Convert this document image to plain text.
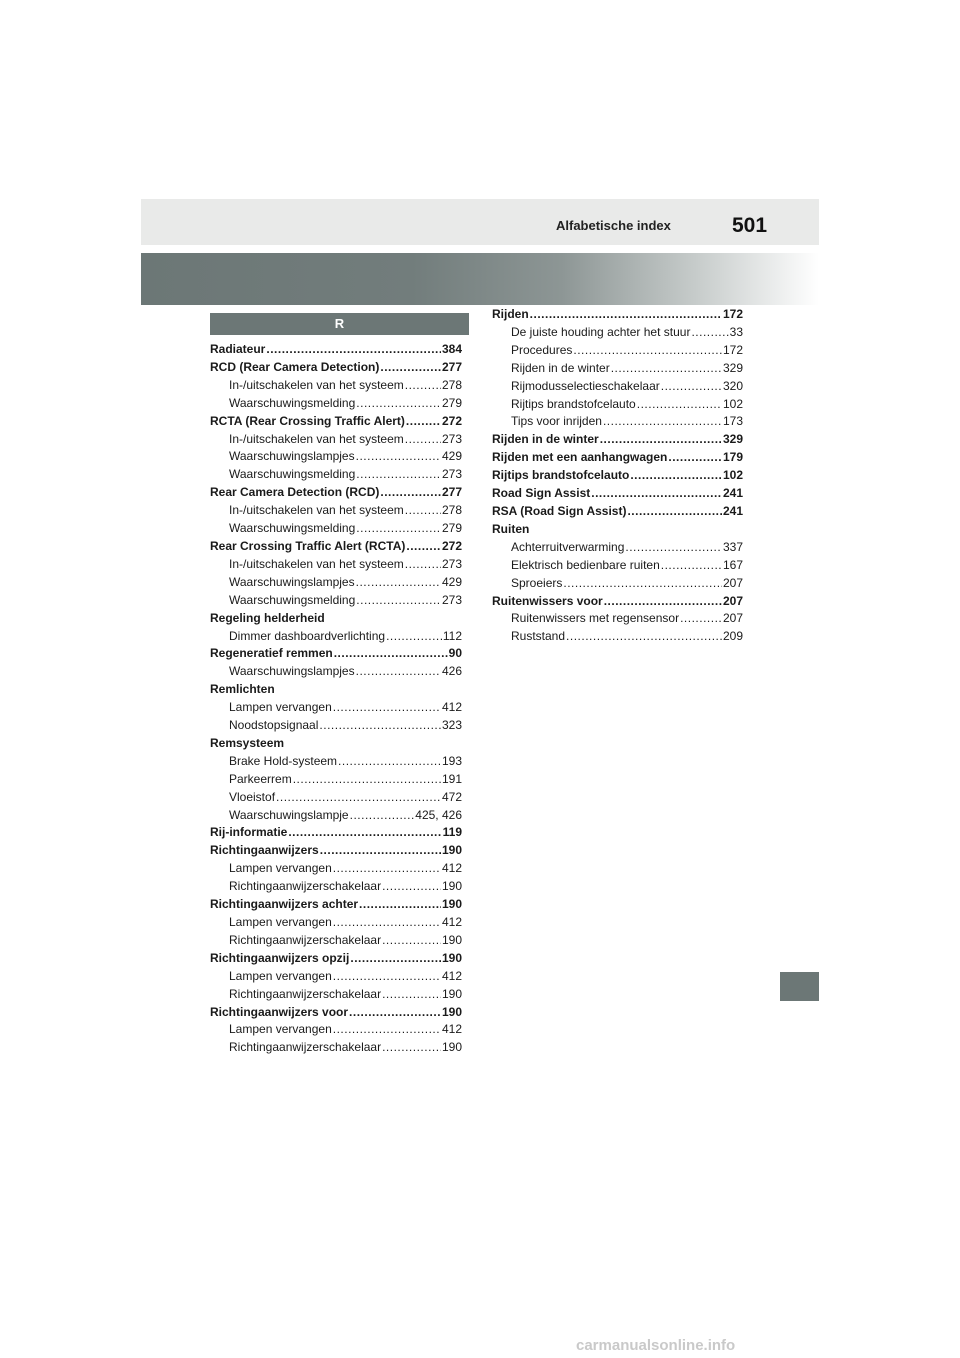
Alfabetische index	501
R
Radiateur .....	384
RCD (Rear Camera Detection) .....	277
In-/uitschakelen van het systeem .....	278
Waarschuwingsmelding .....	279
RCTA (Rear Crossing Traffic Alert) .....	272
In-/uitschakelen van het systeem .....	273
Waarschuwingslampjes .....	429
Waarschuwingsmelding .....	273
Rear Camera Detection (RCD) .....	277
In-/uitschakelen van het systeem .....	278
Waarschuwingsmelding .....	279
Rear Crossing Traffic Alert (RCTA) .....	272
In-/uitschakelen van het systeem .....	273
Waarschuwingslampjes .....	429
Waarschuwingsmelding .....	273
Regeling helderheid
Dimmer dashboardverlichting .....	112
Regeneratief remmen .....	90
Waarschuwingslampjes .....	426
Remlichten
Lampen vervangen .....	412
Noodstopsignaal .....	323
Remsysteem
Brake Hold-systeem .....	193
Parkeerrem .....	191
Vloeistof .....	472
Waarschuwingslampje .....	425, 426
Rij-informatie .....	119
Richtingaanwijzers .....	190
Lampen vervangen .....	412
Richtingaanwijzerschakelaar .....	190
Richtingaanwijzers achter .....	190
Lampen vervangen .....	412
Richtingaanwijzerschakelaar .....	190
Richtingaanwijzers opzij .....	190
Lampen vervangen .....	412
Richtingaanwijzerschakelaar .....	190
Richtingaanwijzers voor .....	190
Lampen vervangen .....	412
Richtingaanwijzerschakelaar .....	190
Rijden .....	172
De juiste houding achter het stuur .....	33
Procedures .....	172
Rijden in de winter .....	329
Rijmodusselectieschakelaar .....	320
Rijtips brandstofcelauto .....	102
Tips voor inrijden .....	173
Rijden in de winter .....	329
Rijden met een aanhangwagen .....	179
Rijtips brandstofcelauto .....	102
Road Sign Assist .....	241
RSA (Road Sign Assist) .....	241
Ruiten
Achterruitverwarming .....	337
Elektrisch bedienbare ruiten .....	167
Sproeiers .....	207
Ruitenwissers voor .....	207
Ruitenwissers met regensensor .....	207
Ruststand .....	209
carmanualsonline.info
